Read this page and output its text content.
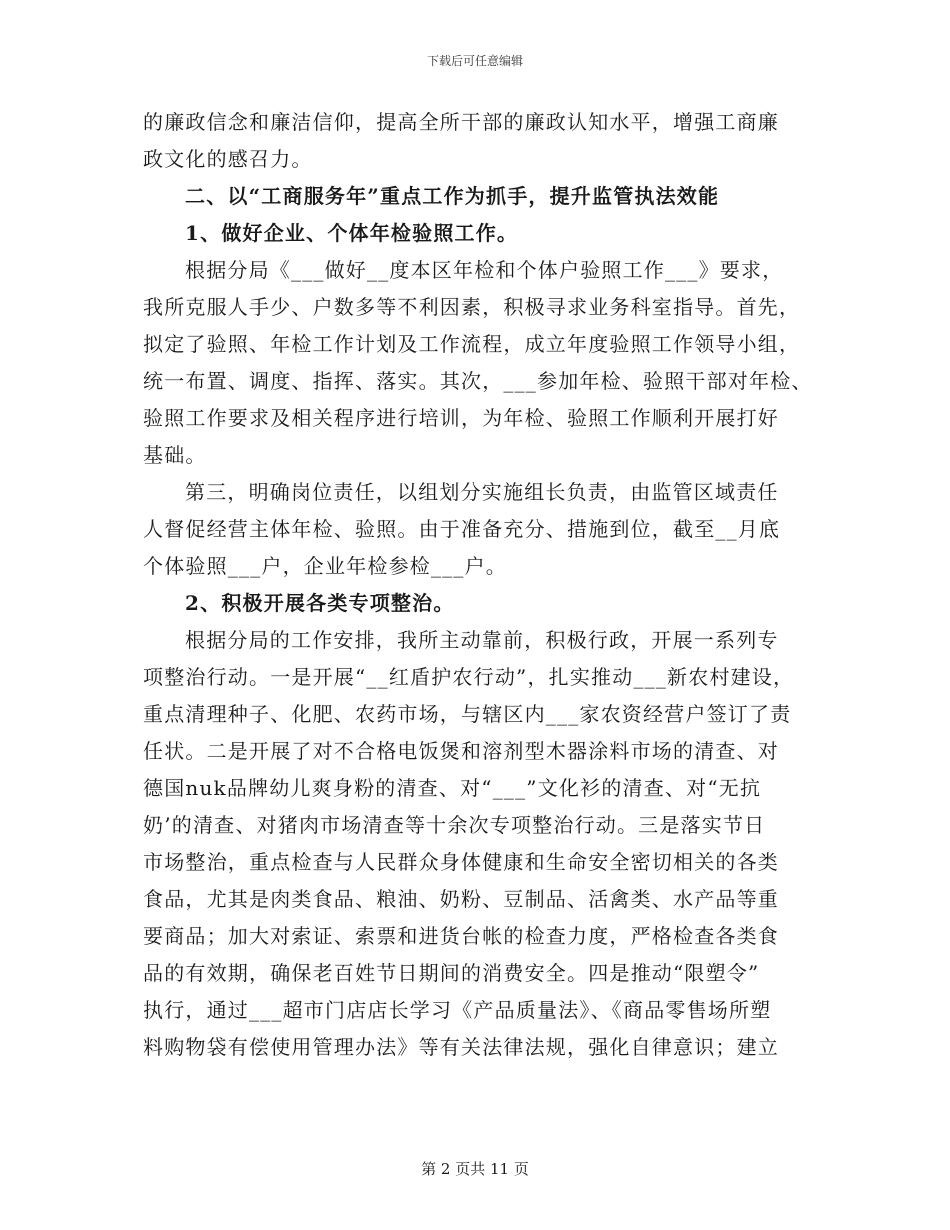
下载后可任意编辑
的廉政信念和廉洁信仰，提高全所干部的廉政认知水平，增强工商廉
政文化的感召力。
二、以“工商服务年”重点工作为抓手，提升监管执法效能
1、做好企业、个体年检验照工作。
根据分局《___做好__度本区年检和个体户验照工作___》要求，
我所克服人手少、户数多等不利因素，积极寻求业务科室指导。首先，
拟定了验照、年检工作计划及工作流程，成立年度验照工作领导小组，
统一布置、调度、指挥、落实。其次，___参加年检、验照干部对年检、
验照工作要求及相关程序进行培训，为年检、验照工作顺利开展打好
基础。
第三，明确岗位责任，以组划分实施组长负责，由监管区域责任
人督促经营主体年检、验照。由于准备充分、措施到位，截至__月底
个体验照___户，企业年检参检___户。
2、积极开展各类专项整治。
根据分局的工作安排，我所主动靠前，积极行政，开展一系列专
项整治行动。一是开展“__红盾护农行动”，扎实推动___新农村建设，
重点清理种子、化肥、农药市场，与辖区内___家农资经营户签订了责
任状。二是开展了对不合格电饭煲和溶剂型木器涂料市场的清查、对
德国nuk品牌幼儿爽身粉的清查、对“___”文化衫的清查、对“无抗
奶’的清查、对猪肉市场清查等十余次专项整治行动。三是落实节日
市场整治，重点检查与人民群众身体健康和生命安全密切相关的各类
食品，尤其是肉类食品、粮油、奶粉、豆制品、活禽类、水产品等重
要商品；加大对索证、索票和进货台帐的检查力度，严格检查各类食
品的有效期，确保老百姓节日期间的消费安全。四是推动“限塑令”
执行，通过___超市门店店长学习《产品质量法》、《商品零售场所塑
料购物袋有偿使用管理办法》等有关法律法规，强化自律意识；建立
第 2 页共 11 页
